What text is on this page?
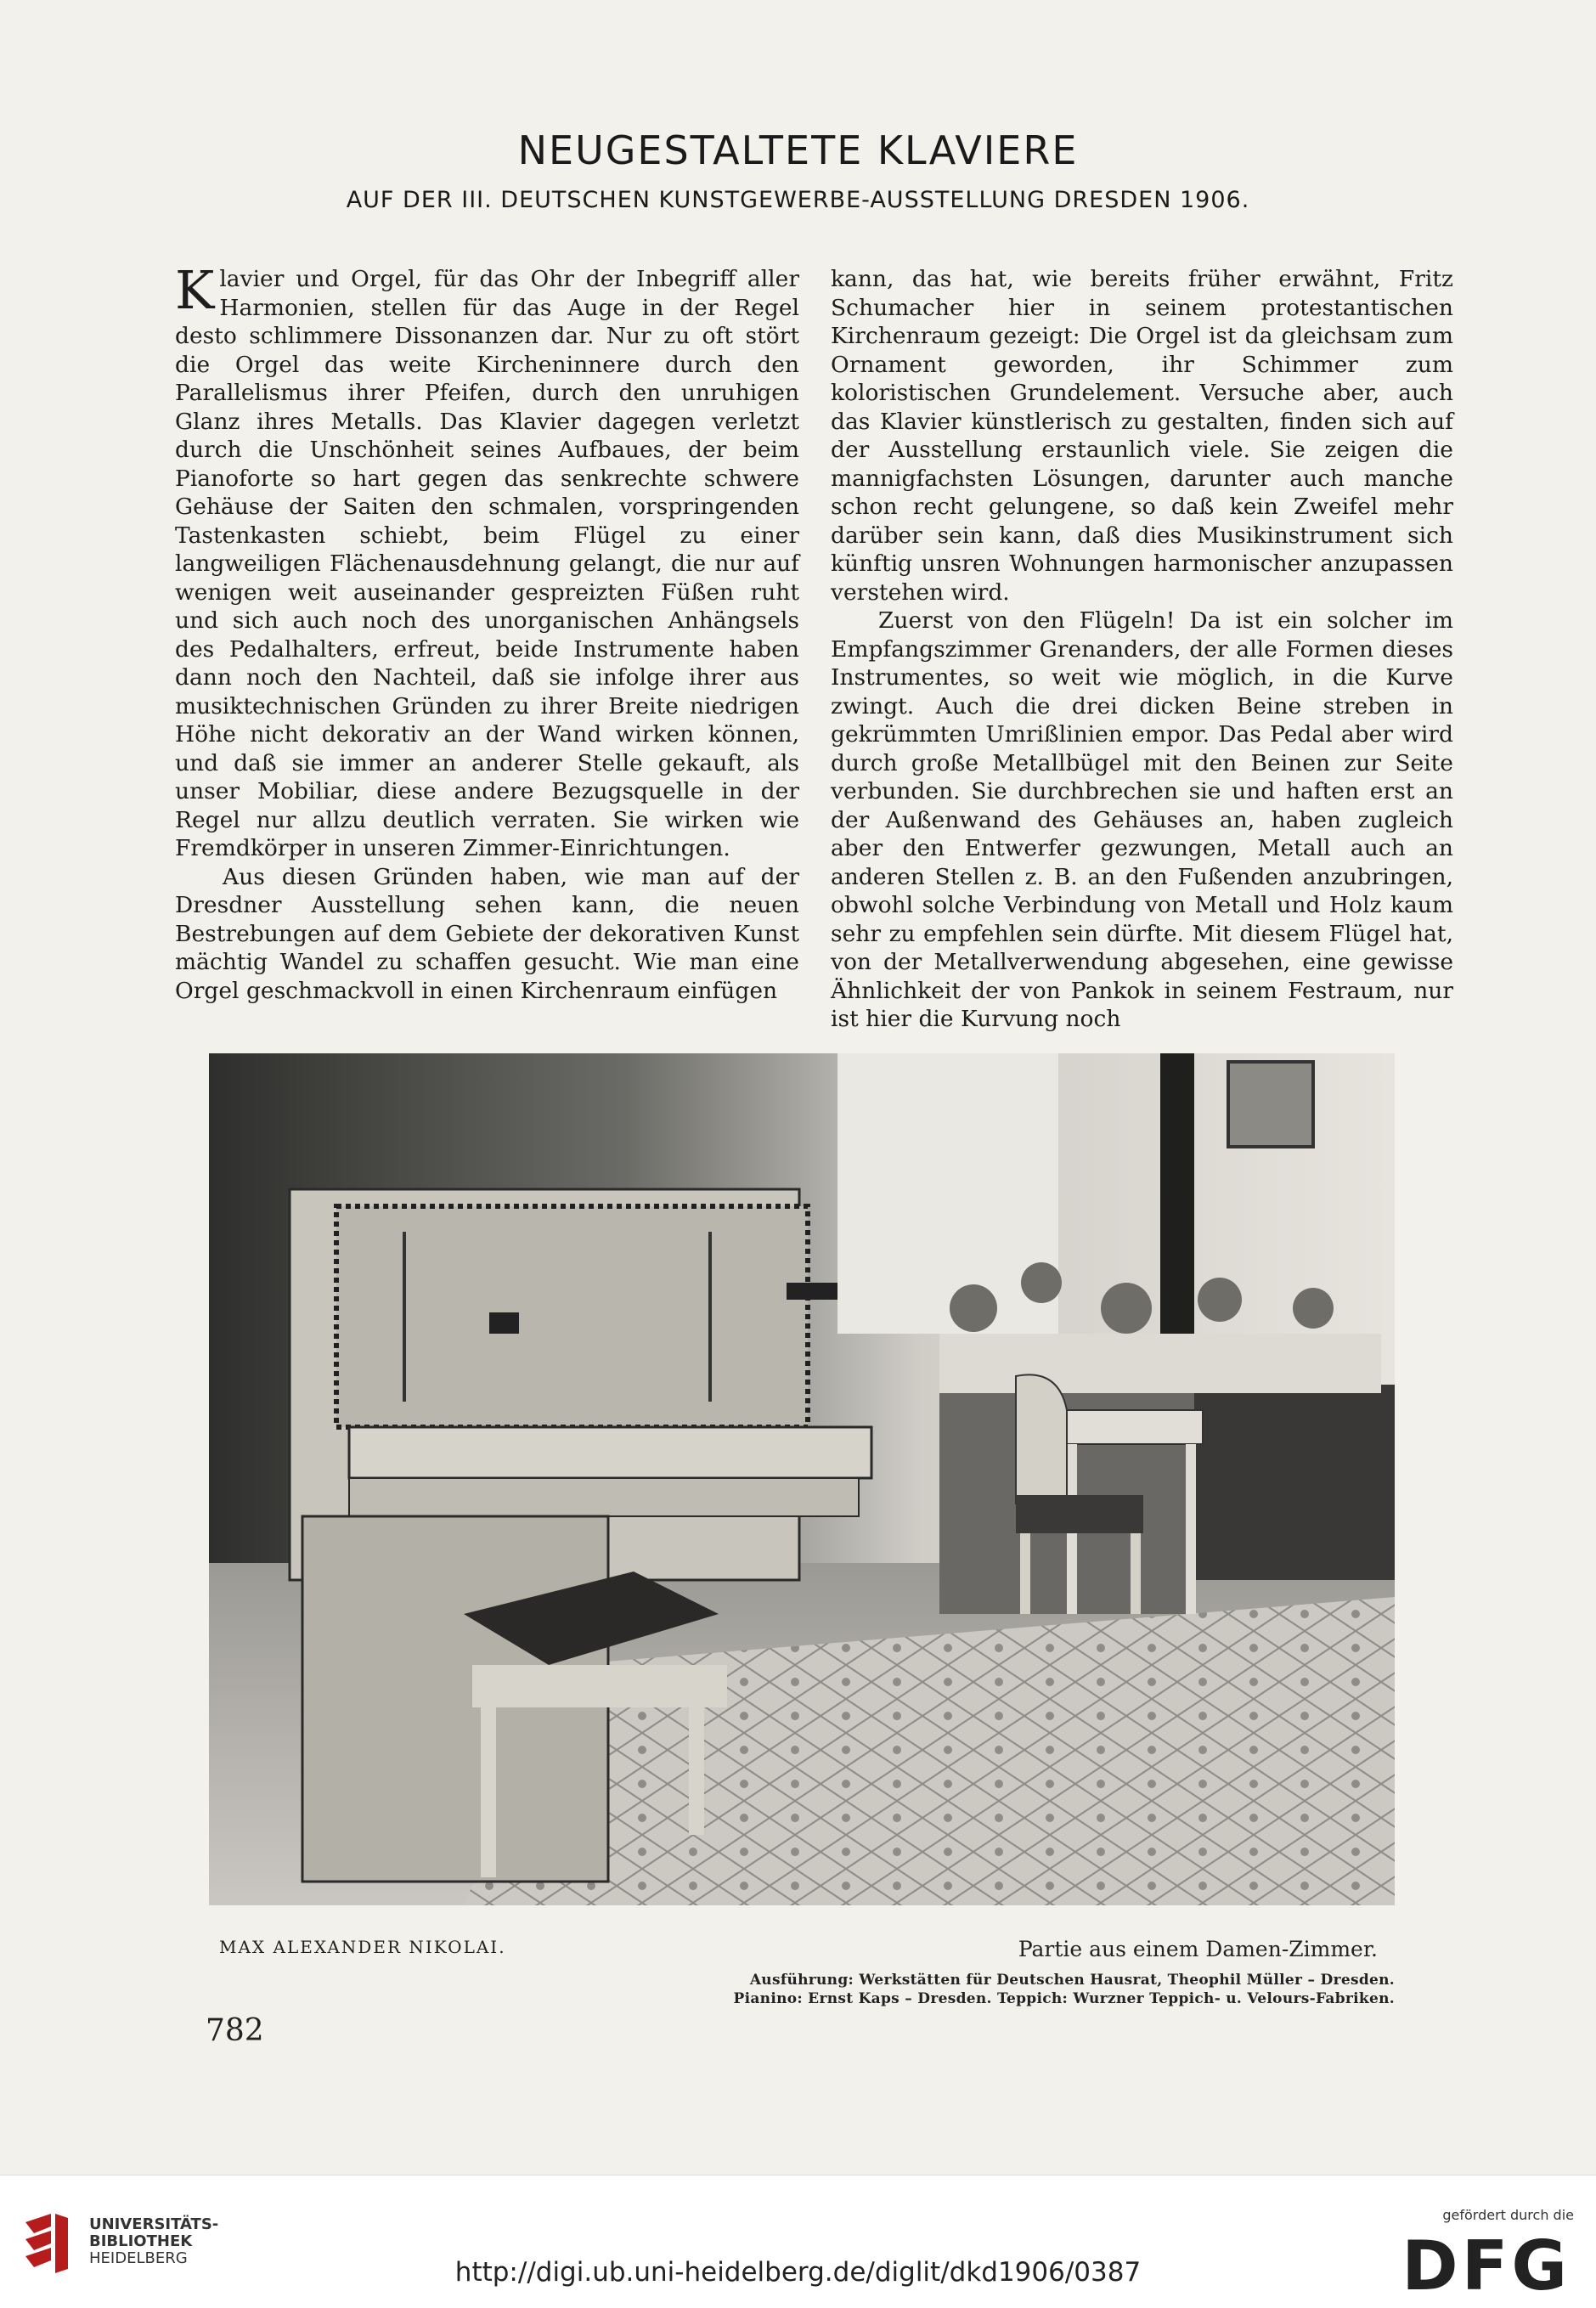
NEUGESTALTETE KLAVIERE
AUF DER III. DEUTSCHEN KUNSTGEWERBE-AUSSTELLUNG DRESDEN 1906.

Klavier und Orgel, für das Ohr der Inbegriff aller Harmonien, stellen für das Auge in der Regel desto schlimmere Dissonanzen dar. Nur zu oft stört die Orgel das weite Kircheninnere durch den Parallelismus ihrer Pfeifen, durch den unruhigen Glanz ihres Metalls. Das Klavier dagegen verletzt durch die Unschönheit seines Aufbaues, der beim Pianoforte so hart gegen das senkrechte schwere Gehäuse der Saiten den schmalen, vorspringenden Tastenkasten schiebt, beim Flügel zu einer langweiligen Flächenausdehnung gelangt, die nur auf wenigen weit auseinander gespreizten Füßen ruht und sich auch noch des unorganischen Anhängsels des Pedalhalters, erfreut, beide Instrumente haben dann noch den Nachteil, daß sie infolge ihrer aus musiktechnischen Gründen zu ihrer Breite niedrigen Höhe nicht dekorativ an der Wand wirken können, und daß sie immer an anderer Stelle gekauft, als unser Mobiliar, diese andere Bezugsquelle in der Regel nur allzu deutlich verraten. Sie wirken wie Fremdkörper in unseren Zimmer-Einrichtungen.

Aus diesen Gründen haben, wie man auf der Dresdner Ausstellung sehen kann, die neuen Bestrebungen auf dem Gebiete der dekorativen Kunst mächtig Wandel zu schaffen gesucht. Wie man eine Orgel geschmackvoll in einen Kirchenraum einfügen

kann, das hat, wie bereits früher erwähnt, Fritz Schumacher hier in seinem protestantischen Kirchenraum gezeigt: Die Orgel ist da gleichsam zum Ornament geworden, ihr Schimmer zum koloristischen Grundelement. Versuche aber, auch das Klavier künstlerisch zu gestalten, finden sich auf der Ausstellung erstaunlich viele. Sie zeigen die mannigfachsten Lösungen, darunter auch manche schon recht gelungene, so daß kein Zweifel mehr darüber sein kann, daß dies Musikinstrument sich künftig unsren Wohnungen harmonischer anzupassen verstehen wird.

Zuerst von den Flügeln! Da ist ein solcher im Empfangszimmer Grenanders, der alle Formen dieses Instrumentes, so weit wie möglich, in die Kurve zwingt. Auch die drei dicken Beine streben in gekrümmten Umrißlinien empor. Das Pedal aber wird durch große Metallbügel mit den Beinen zur Seite verbunden. Sie durchbrechen sie und haften erst an der Außenwand des Gehäuses an, haben zugleich aber den Entwerfer gezwungen, Metall auch an anderen Stellen z. B. an den Fußenden anzubringen, obwohl solche Verbindung von Metall und Holz kaum sehr zu empfehlen sein dürfte. Mit diesem Flügel hat, von der Metallverwendung abgesehen, eine gewisse Ähnlichkeit der von Pankok in seinem Festraum, nur ist hier die Kurvung noch

MAX ALEXANDER NIKOLAI.	Partie aus einem Damen-Zimmer.
Ausführung: Werkstätten für Deutschen Hausrat, Theophil Müller – Dresden.
Pianino: Ernst Kaps – Dresden. Teppich: Wurzner Teppich- u. Velours-Fabriken.
782
UNIVERSITÄTS-
BIBLIOTHEK
HEIDELBERG	http://digi.ub.uni-heidelberg.de/diglit/dkd1906/0387
gefördert durch die
DFG
